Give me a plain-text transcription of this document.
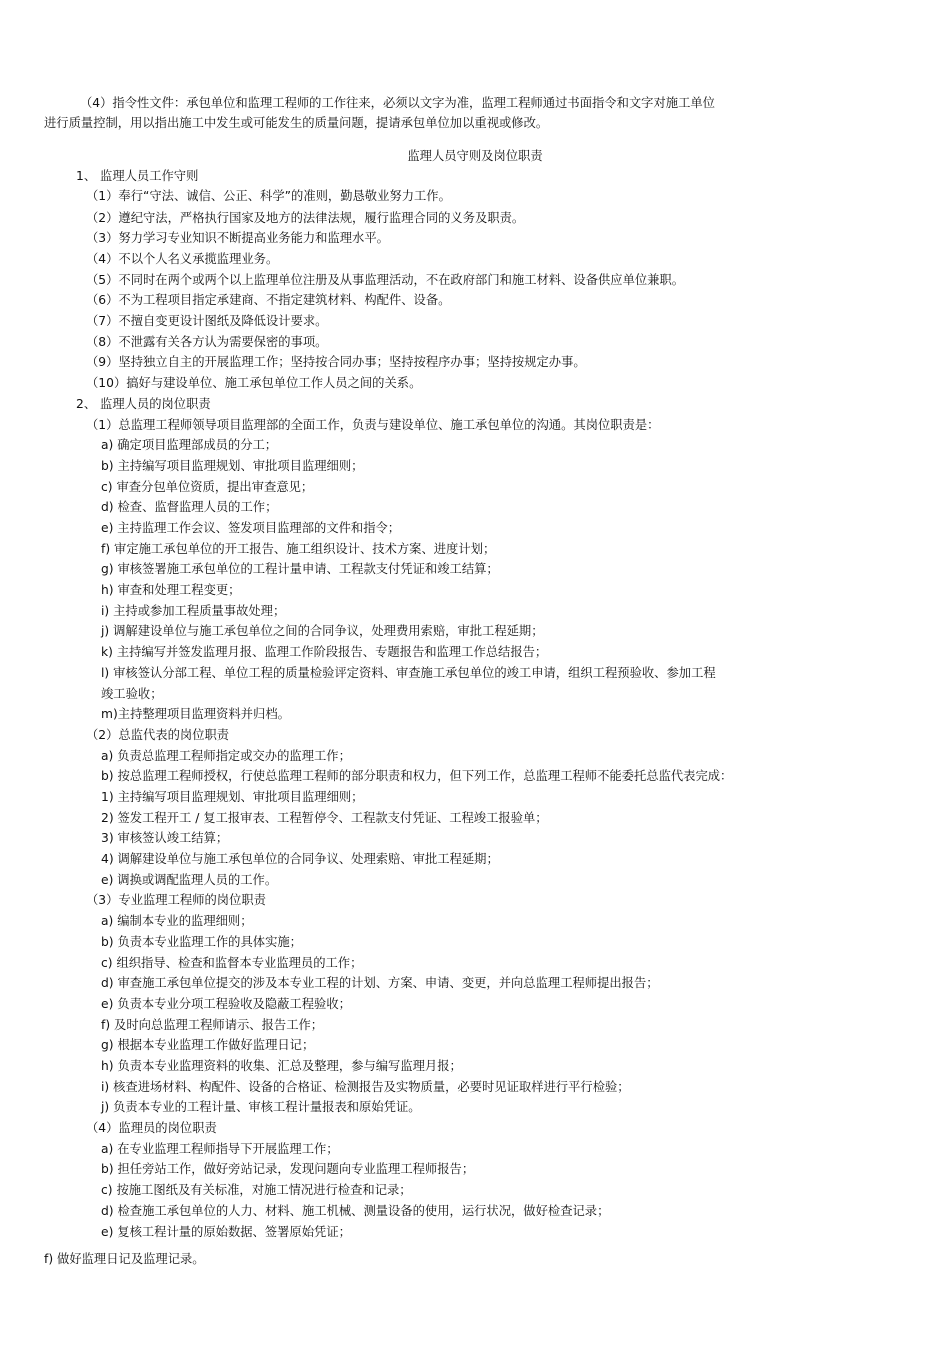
（4）指令性文件：承包单位和监理工程师的工作往来，必须以文字为准，监理工程师通过书面指令和文字对施工单位
进行质量控制，用以指出施工中发生或可能发生的质量问题，提请承包单位加以重视或修改。
监理人员守则及岗位职责
1、 监理人员工作守则
（1）奉行“守法、诚信、公正、科学”的准则，勤恳敬业努力工作。
（2）遵纪守法，严格执行国家及地方的法律法规，履行监理合同的义务及职责。
（3）努力学习专业知识不断提高业务能力和监理水平。
（4）不以个人名义承揽监理业务。
（5）不同时在两个或两个以上监理单位注册及从事监理活动，不在政府部门和施工材料、设备供应单位兼职。
（6）不为工程项目指定承建商、不指定建筑材料、构配件、设备。
（7）不擅自变更设计图纸及降低设计要求。
（8）不泄露有关各方认为需要保密的事项。
（9）坚持独立自主的开展监理工作；坚持按合同办事；坚持按程序办事；坚持按规定办事。
（10）搞好与建设单位、施工承包单位工作人员之间的关系。
2、 监理人员的岗位职责
（1）总监理工程师领导项目监理部的全面工作，负责与建设单位、施工承包单位的沟通。其岗位职责是：
a) 确定项目监理部成员的分工；
b) 主持编写项目监理规划、审批项目监理细则；
c) 审查分包单位资质，提出审查意见；
d) 检查、监督监理人员的工作；
e) 主持监理工作会议、签发项目监理部的文件和指令；
f) 审定施工承包单位的开工报告、施工组织设计、技术方案、进度计划；
g) 审核签署施工承包单位的工程计量申请、工程款支付凭证和竣工结算；
h) 审查和处理工程变更；
i) 主持或参加工程质量事故处理；
j) 调解建设单位与施工承包单位之间的合同争议，处理费用索赔，审批工程延期；
k) 主持编写并签发监理月报、监理工作阶段报告、专题报告和监理工作总结报告；
l) 审核签认分部工程、单位工程的质量检验评定资料、审查施工承包单位的竣工申请，组织工程预验收、参加工程
竣工验收；
m)主持整理项目监理资料并归档。
（2）总监代表的岗位职责
a) 负责总监理工程师指定或交办的监理工作；
b) 按总监理工程师授权，行使总监理工程师的部分职责和权力，但下列工作，总监理工程师不能委托总监代表完成：
1) 主持编写项目监理规划、审批项目监理细则；
2) 签发工程开工 / 复工报审表、工程暂停令、工程款支付凭证、工程竣工报验单；
3) 审核签认竣工结算；
4) 调解建设单位与施工承包单位的合同争议、处理索赔、审批工程延期；
e) 调换或调配监理人员的工作。
（3）专业监理工程师的岗位职责
a) 编制本专业的监理细则；
b) 负责本专业监理工作的具体实施；
c) 组织指导、检查和监督本专业监理员的工作；
d) 审查施工承包单位提交的涉及本专业工程的计划、方案、申请、变更，并向总监理工程师提出报告；
e) 负责本专业分项工程验收及隐蔽工程验收；
f) 及时向总监理工程师请示、报告工作；
g) 根据本专业监理工作做好监理日记；
h) 负责本专业监理资料的收集、汇总及整理，参与编写监理月报；
i) 核查进场材料、构配件、设备的合格证、检测报告及实物质量，必要时见证取样进行平行检验；
j) 负责本专业的工程计量、审核工程计量报表和原始凭证。
（4）监理员的岗位职责
a) 在专业监理工程师指导下开展监理工作；
b) 担任旁站工作，做好旁站记录，发现问题向专业监理工程师报告；
c) 按施工图纸及有关标准，对施工情况进行检查和记录；
d) 检查施工承包单位的人力、材料、施工机械、测量设备的使用，运行状况，做好检查记录；
e) 复核工程计量的原始数据、签署原始凭证；
f) 做好监理日记及监理记录。
